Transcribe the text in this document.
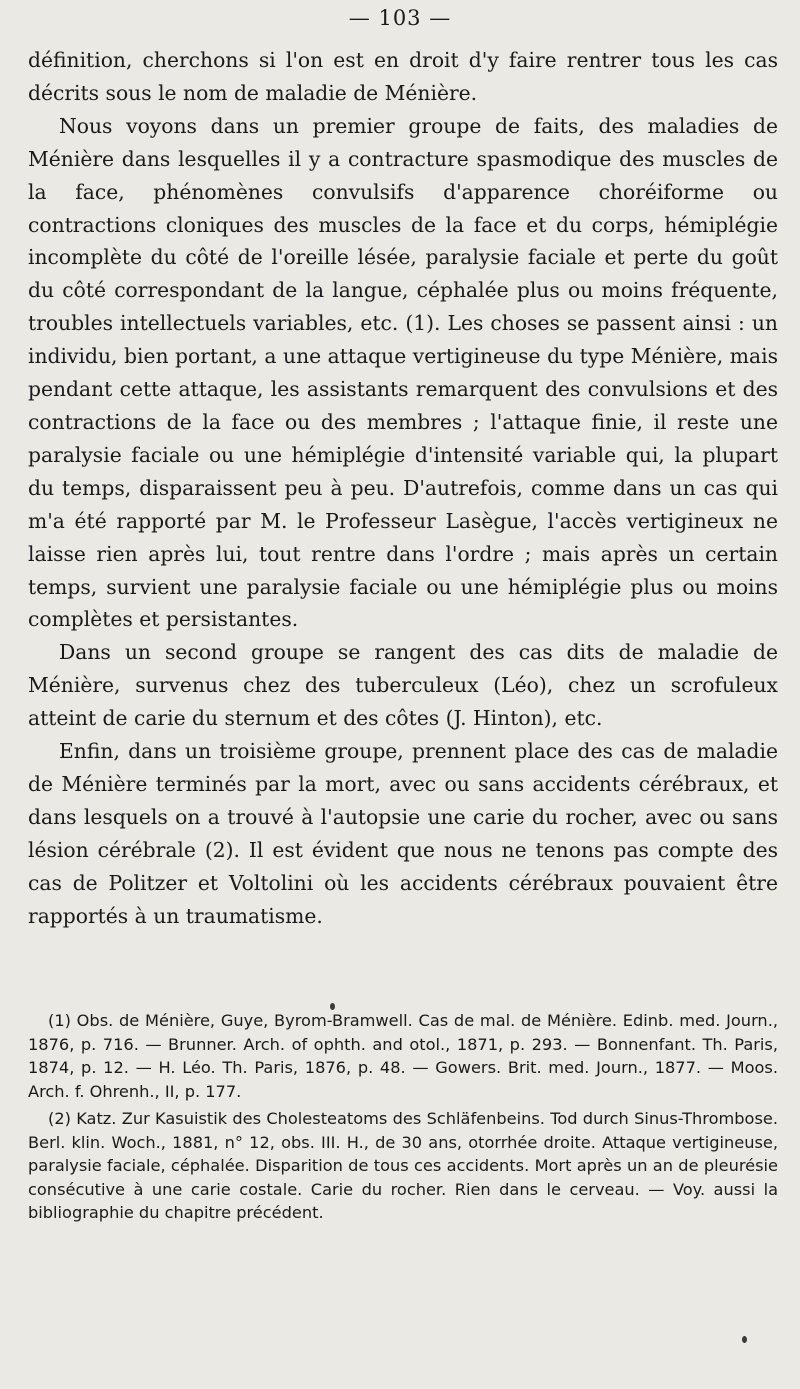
— 103 —

définition, cherchons si l'on est en droit d'y faire rentrer tous les cas décrits sous le nom de maladie de Ménière.

Nous voyons dans un premier groupe de faits, des maladies de Ménière dans lesquelles il y a contracture spasmodique des muscles de la face, phénomènes convulsifs d'apparence choréiforme ou contractions cloniques des muscles de la face et du corps, hémiplégie incomplète du côté de l'oreille lésée, paralysie faciale et perte du goût du côté correspondant de la langue, céphalée plus ou moins fréquente, troubles intellectuels variables, etc. (1). Les choses se passent ainsi : un individu, bien portant, a une attaque vertigineuse du type Ménière, mais pendant cette attaque, les assistants remarquent des convulsions et des contractions de la face ou des membres ; l'attaque finie, il reste une paralysie faciale ou une hémiplégie d'intensité variable qui, la plupart du temps, disparaissent peu à peu. D'autrefois, comme dans un cas qui m'a été rapporté par M. le Professeur Lasègue, l'accès vertigineux ne laisse rien après lui, tout rentre dans l'ordre ; mais après un certain temps, survient une paralysie faciale ou une hémiplégie plus ou moins complètes et persistantes.

Dans un second groupe se rangent des cas dits de maladie de Ménière, survenus chez des tuberculeux (Léo), chez un scrofuleux atteint de carie du sternum et des côtes (J. Hinton), etc.

Enfin, dans un troisième groupe, prennent place des cas de maladie de Ménière terminés par la mort, avec ou sans accidents cérébraux, et dans lesquels on a trouvé à l'autopsie une carie du rocher, avec ou sans lésion cérébrale (2). Il est évident que nous ne tenons pas compte des cas de Politzer et Voltolini où les accidents cérébraux pouvaient être rapportés à un traumatisme.

(1) Obs. de Ménière, Guye, Byrom-Bramwell. Cas de mal. de Ménière. Edinb. med. Journ., 1876, p. 716. — Brunner. Arch. of ophth. and otol., 1871, p. 293. — Bonnenfant. Th. Paris, 1874, p. 12. — H. Léo. Th. Paris, 1876, p. 48. — Gowers. Brit. med. Journ., 1877. — Moos. Arch. f. Ohrenh., II, p. 177.

(2) Katz. Zur Kasuistik des Cholesteatoms des Schläfenbeins. Tod durch Sinus-Thrombose. Berl. klin. Woch., 1881, n° 12, obs. III. H., de 30 ans, otorrhée droite. Attaque vertigineuse, paralysie faciale, céphalée. Disparition de tous ces accidents. Mort après un an de pleurésie consécutive à une carie costale. Carie du rocher. Rien dans le cerveau. — Voy. aussi la bibliographie du chapitre précédent.
